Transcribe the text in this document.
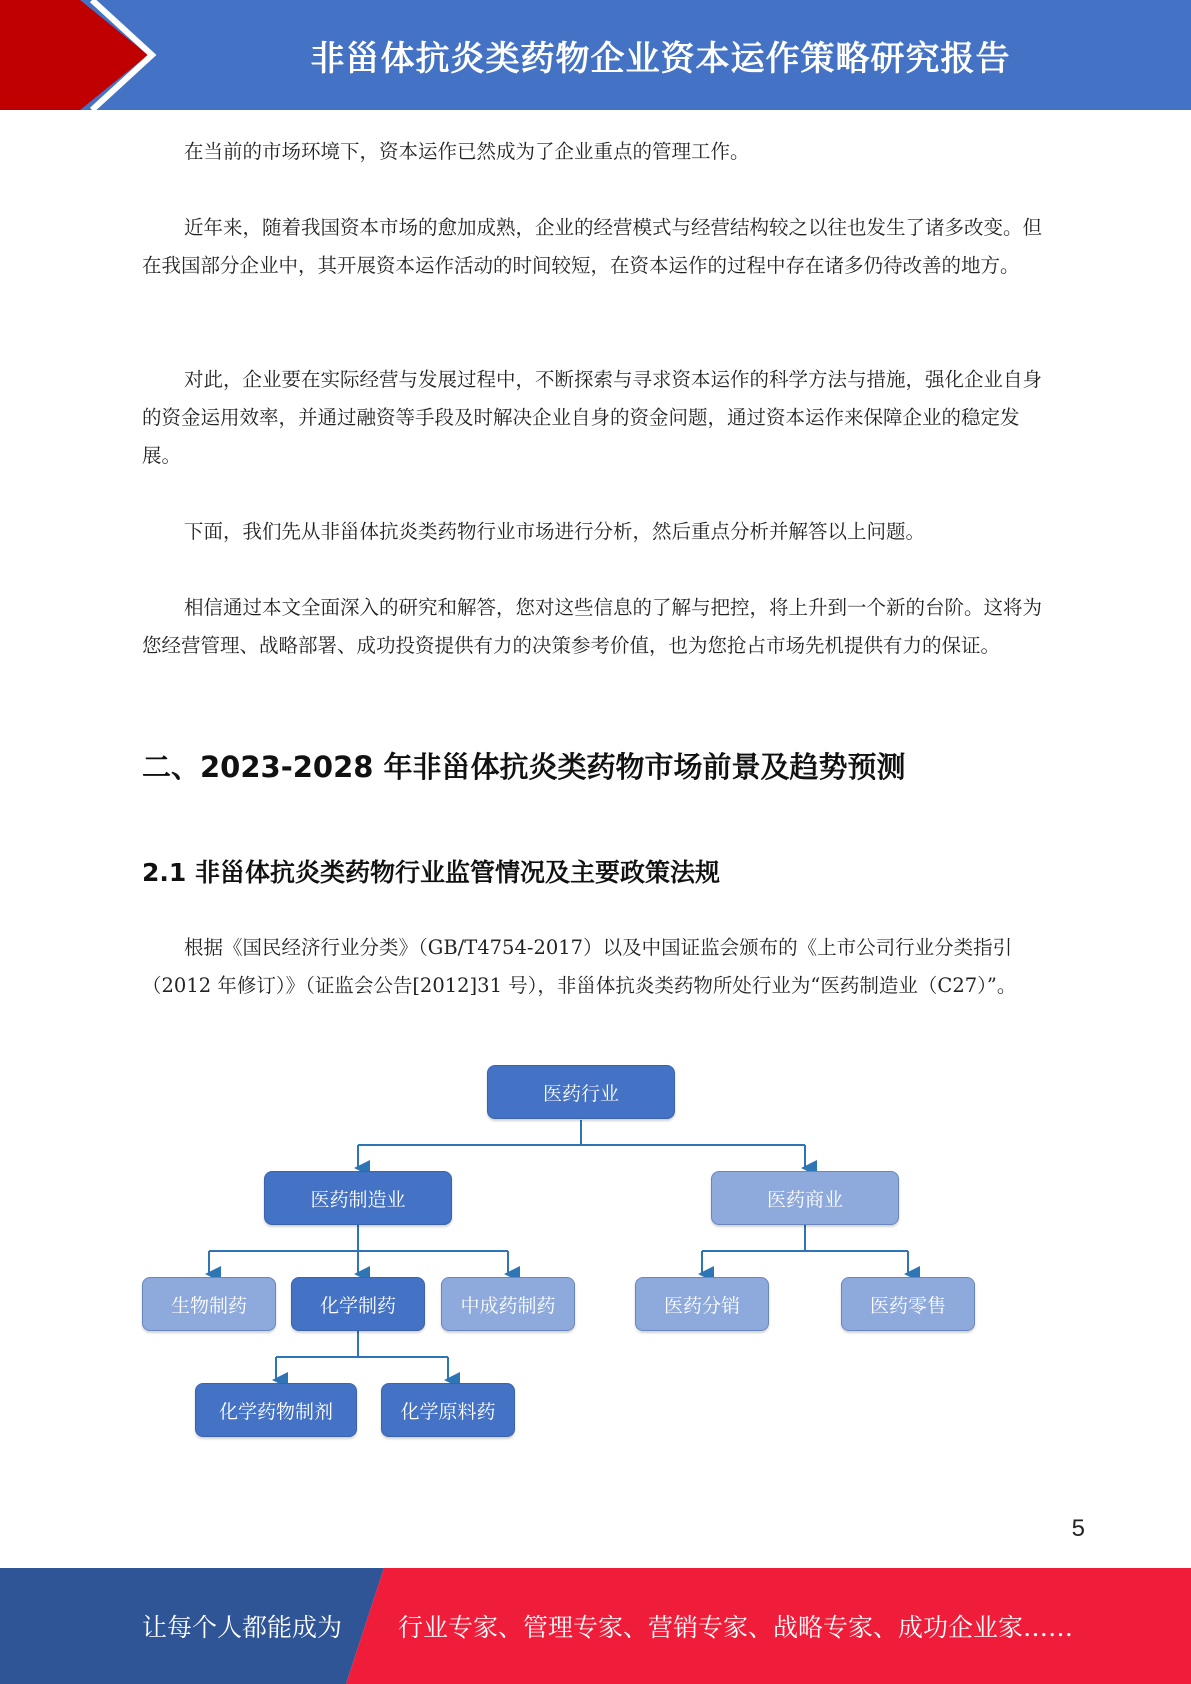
非甾体抗炎类药物企业资本运作策略研究报告

在当前的市场环境下，资本运作已然成为了企业重点的管理工作。

近年来，随着我国资本市场的愈加成熟，企业的经营模式与经营结构较之以往也发生了诸多改变。但在我国部分企业中，其开展资本运作活动的时间较短，在资本运作的过程中存在诸多仍待改善的地方。

对此，企业要在实际经营与发展过程中，不断探索与寻求资本运作的科学方法与措施，强化企业自身的资金运用效率，并通过融资等手段及时解决企业自身的资金问题，通过资本运作来保障企业的稳定发展。

下面，我们先从非甾体抗炎类药物行业市场进行分析，然后重点分析并解答以上问题。

相信通过本文全面深入的研究和解答，您对这些信息的了解与把控，将上升到一个新的台阶。这将为您经营管理、战略部署、成功投资提供有力的决策参考价值，也为您抢占市场先机提供有力的保证。

二、2023-2028 年非甾体抗炎类药物市场前景及趋势预测
2.1 非甾体抗炎类药物行业监管情况及主要政策法规

根据《国民经济行业分类》（GB/T4754-2017）以及中国证监会颁布的《上市公司行业分类指引（2012 年修订）》（证监会公告[2012]31 号），非甾体抗炎类药物所处行业为“医药制造业（C27）”。

医药行业
医药制造业	医药商业
生物制药	化学制药	中成药制药	医药分销	医药零售
化学药物制剂	化学原料药
5
让每个人都能成为 行业专家、管理专家、营销专家、战略专家、成功企业家……
